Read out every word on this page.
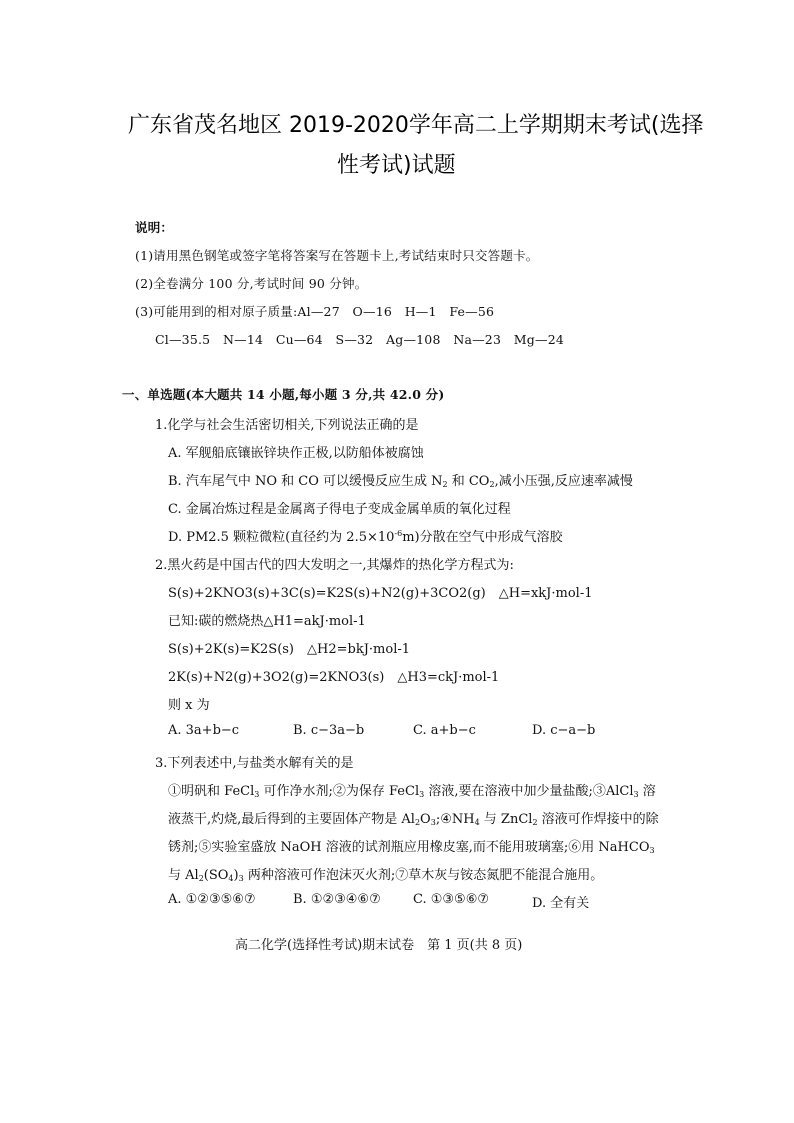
广东省茂名地区 2019-2020学年高二上学期期末考试(选择
性考试)试题
说明：
(1)请用黑色钢笔或签字笔将答案写在答题卡上,考试结束时只交答题卡。
(2)全卷满分 100 分,考试时间 90 分钟。
(3)可能用到的相对原子质量:Al—27　O—16　H—1　Fe—56
Cl—35.5　N—14　Cu—64　S—32　Ag—108　Na—23　Mg—24
一、单选题(本大题共 14 小题,每小题 3 分,共 42.0 分)
1.化学与社会生活密切相关,下列说法正确的是
A. 军舰船底镶嵌锌块作正极,以防船体被腐蚀
B. 汽车尾气中 NO 和 CO 可以缓慢反应生成 $N_2$ 和 $CO_2$,减小压强,反应速率减慢
C. 金属冶炼过程是金属离子得电子变成金属单质的氧化过程
D. PM2.5 颗粒微粒(直径约为 $2.5\times 10^{-6}m$)分散在空气中形成气溶胶
2.黑火药是中国古代的四大发明之一,其爆炸的热化学方程式为:
S(s)+2KNO3(s)+3C(s)=K2S(s)+N2(g)+3CO2(g)　△H=xkJ·mol-1
已知:碳的燃烧热△H1=akJ·mol-1
S(s)+2K(s)=K2S(s)　△H2=bkJ·mol-1
2K(s)+N2(g)+3O2(g)=2KNO3(s)　△H3=ckJ·mol-1
则 x 为
A. 3a+b−c	B. c−3a−b	C. a+b−c	D. c−a−b
3.下列表述中,与盐类水解有关的是
①明矾和 FeCl$_3$ 可作净水剂;②为保存 FeCl$_3$ 溶液,要在溶液中加少量盐酸;③AlCl$_3$ 溶
液蒸干,灼烧,最后得到的主要固体产物是 $Al_2O_3;④NH_4$ 与 ZnCl$_2$ 溶液可作焊接中的除
锈剂;⑤实验室盛放 NaOH 溶液的试剂瓶应用橡皮塞,而不能用玻璃塞;⑥用 NaHCO$_3$
与 $Al_2(SO_4)_3$ 两种溶液可作泡沫灭火剂;⑦草木灰与铵态氮肥不能混合施用。
A. ①②③⑤⑥⑦	B. ①②③④⑥⑦ C. ①③⑤⑥⑦	D. 全有关
高二化学(选择性考试)期末试卷　第 1 页(共 8 页)
